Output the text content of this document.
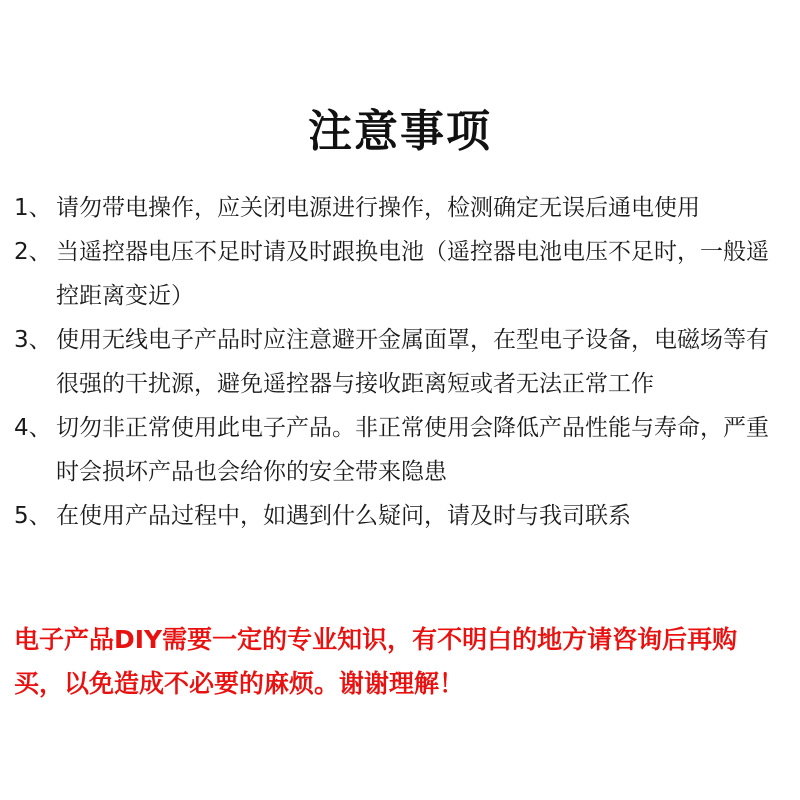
注意事项
1、 请勿带电操作，应关闭电源进行操作，检测确定无误后通电使用
2、 当遥控器电压不足时请及时跟换电池（遥控器电池电压不足时，一般遥控距离变近）
3、 使用无线电子产品时应注意避开金属面罩，在型电子设备，电磁场等有很强的干扰源，避免遥控器与接收距离短或者无法正常工作
4、 切勿非正常使用此电子产品。非正常使用会降低产品性能与寿命，严重时会损坏产品也会给你的安全带来隐患
5、 在使用产品过程中，如遇到什么疑问，请及时与我司联系
电子产品DIY需要一定的专业知识，有不明白的地方请咨询后再购买，以免造成不必要的麻烦。谢谢理解！
